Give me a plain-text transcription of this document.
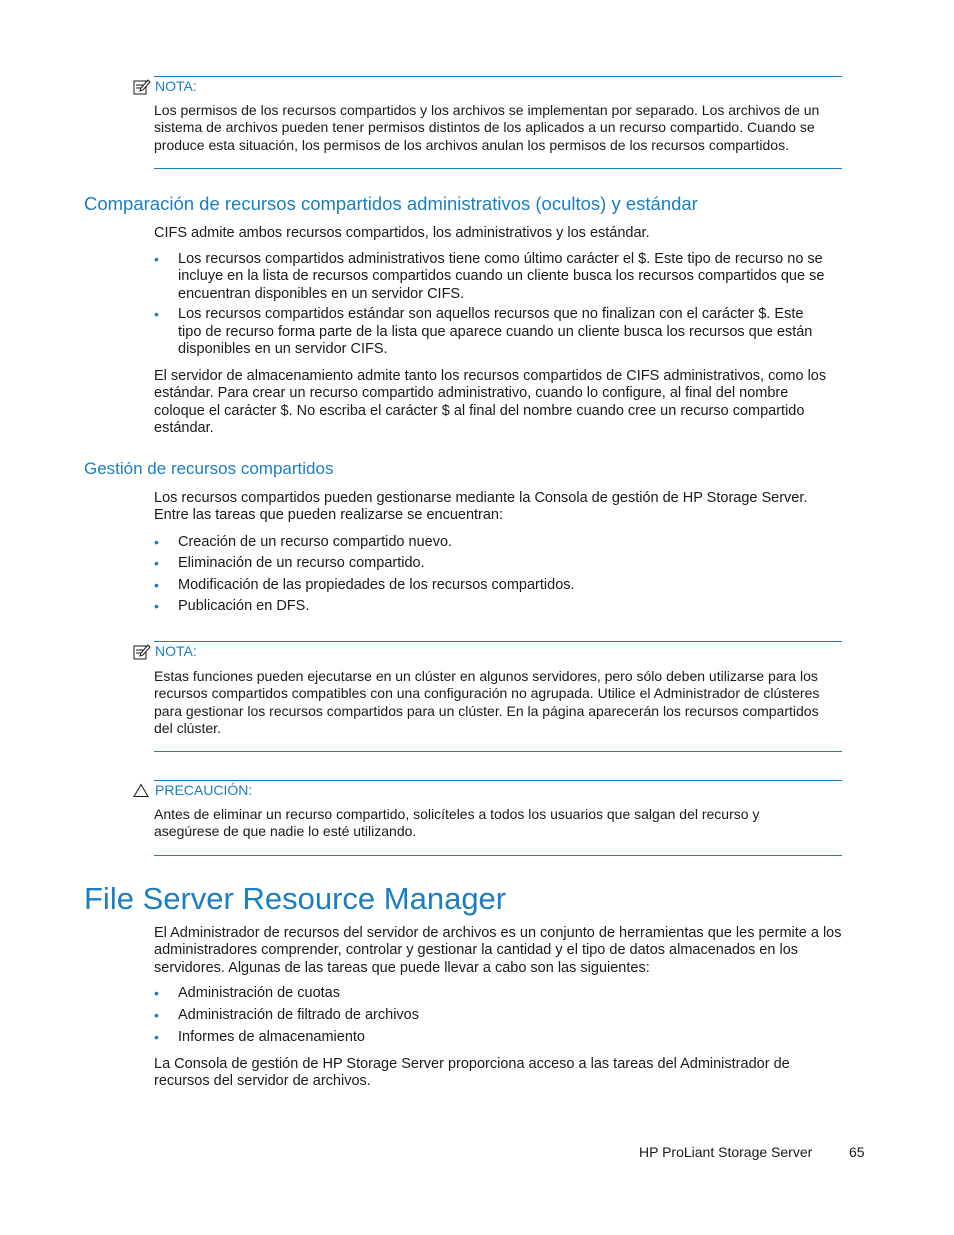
NOTA:

Los permisos de los recursos compartidos y los archivos se implementan por separado. Los archivos de un sistema de archivos pueden tener permisos distintos de los aplicados a un recurso compartido. Cuando se produce esta situación, los permisos de los archivos anulan los permisos de los recursos compartidos.

Comparación de recursos compartidos administrativos (ocultos) y estándar

CIFS admite ambos recursos compartidos, los administrativos y los estándar.

• Los recursos compartidos administrativos tiene como último carácter el $. Este tipo de recurso no se incluye en la lista de recursos compartidos cuando un cliente busca los recursos compartidos que se encuentran disponibles en un servidor CIFS.
• Los recursos compartidos estándar son aquellos recursos que no finalizan con el carácter $. Este tipo de recurso forma parte de la lista que aparece cuando un cliente busca los recursos que están disponibles en un servidor CIFS.

El servidor de almacenamiento admite tanto los recursos compartidos de CIFS administrativos, como los estándar. Para crear un recurso compartido administrativo, cuando lo configure, al final del nombre coloque el carácter $. No escriba el carácter $ al final del nombre cuando cree un recurso compartido estándar.

Gestión de recursos compartidos

Los recursos compartidos pueden gestionarse mediante la Consola de gestión de HP Storage Server. Entre las tareas que pueden realizarse se encuentran:

• Creación de un recurso compartido nuevo.
• Eliminación de un recurso compartido.
• Modificación de las propiedades de los recursos compartidos.
• Publicación en DFS.
NOTA:

Estas funciones pueden ejecutarse en un clúster en algunos servidores, pero sólo deben utilizarse para los recursos compartidos compatibles con una configuración no agrupada. Utilice el Administrador de clústeres para gestionar los recursos compartidos para un clúster. En la página aparecerán los recursos compartidos del clúster.

PRECAUCIÓN:

Antes de eliminar un recurso compartido, solicíteles a todos los usuarios que salgan del recurso y asegúrese de que nadie lo esté utilizando.

File Server Resource Manager

El Administrador de recursos del servidor de archivos es un conjunto de herramientas que les permite a los administradores comprender, controlar y gestionar la cantidad y el tipo de datos almacenados en los servidores. Algunas de las tareas que puede llevar a cabo son las siguientes:

• Administración de cuotas
• Administración de filtrado de archivos
• Informes de almacenamiento

La Consola de gestión de HP Storage Server proporciona acceso a las tareas del Administrador de recursos del servidor de archivos.

HP ProLiant Storage Server	65
